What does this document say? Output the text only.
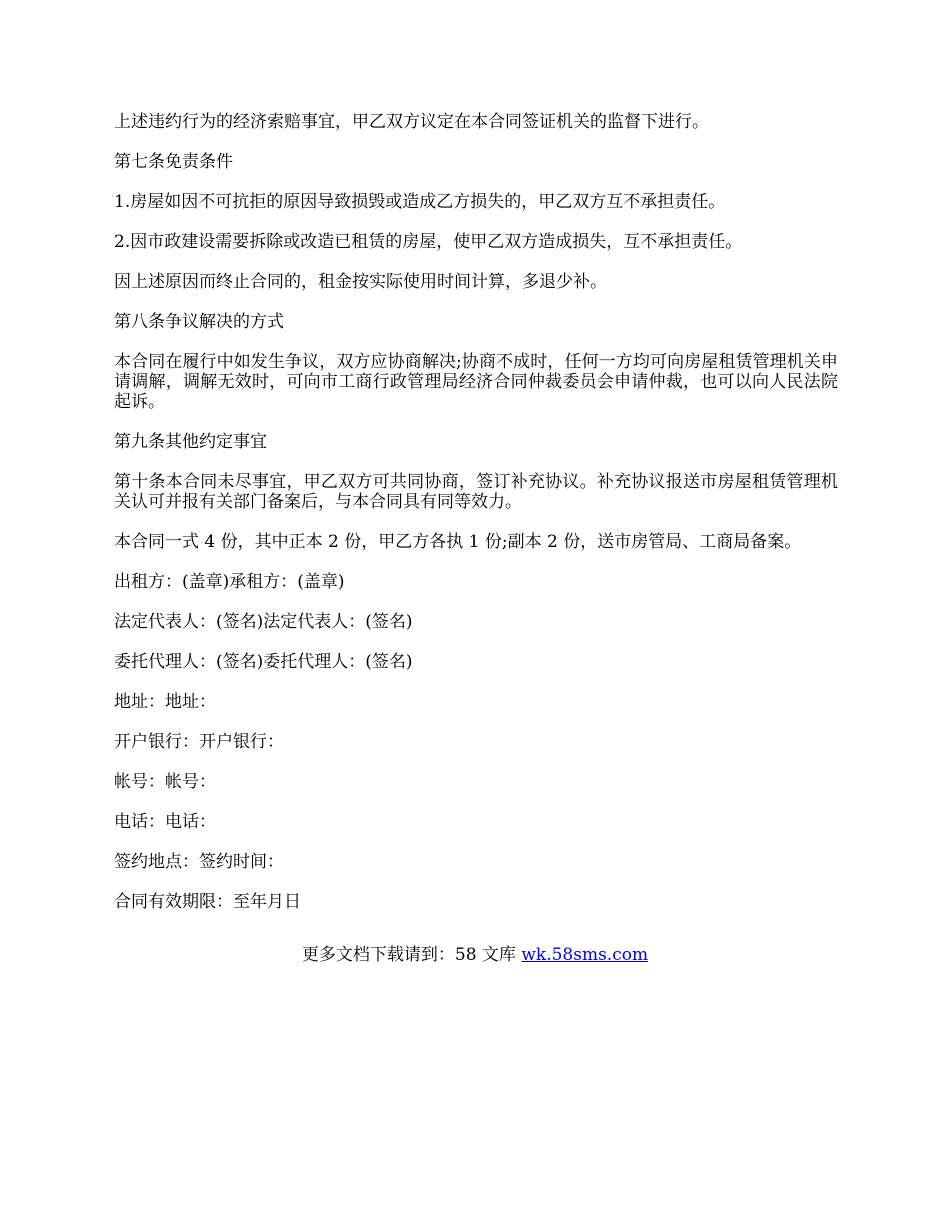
上述违约行为的经济索赔事宜，甲乙双方议定在本合同签证机关的监督下进行。

第七条免责条件

1.房屋如因不可抗拒的原因导致损毁或造成乙方损失的，甲乙双方互不承担责任。

2.因市政建设需要拆除或改造已租赁的房屋，使甲乙双方造成损失，互不承担责任。

因上述原因而终止合同的，租金按实际使用时间计算，多退少补。

第八条争议解决的方式

本合同在履行中如发生争议，双方应协商解决;协商不成时，任何一方均可向房屋租赁管理机关申请调解，调解无效时，可向市工商行政管理局经济合同仲裁委员会申请仲裁，也可以向人民法院起诉。

第九条其他约定事宜

第十条本合同未尽事宜，甲乙双方可共同协商，签订补充协议。补充协议报送市房屋租赁管理机关认可并报有关部门备案后，与本合同具有同等效力。

本合同一式 4 份，其中正本 2 份，甲乙方各执 1 份;副本 2 份，送市房管局、工商局备案。

出租方：(盖章)承租方：(盖章)

法定代表人：(签名)法定代表人：(签名)

委托代理人：(签名)委托代理人：(签名)

地址：地址：

开户银行：开户银行：

帐号：帐号：

电话：电话：

签约地点：签约时间：

合同有效期限：至年月日

更多文档下载请到：58 文库 wk.58sms.com
